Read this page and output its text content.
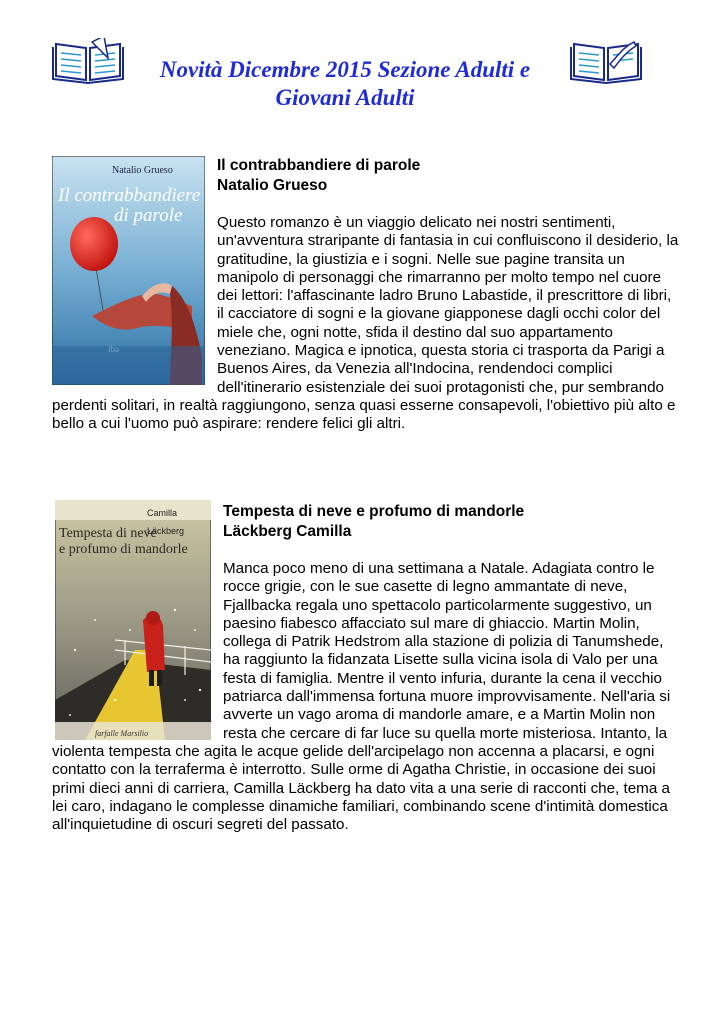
Novità Dicembre 2015 Sezione Adulti e
Giovani Adulti
iba
Natalio Grueso
Il contrabbandiere
di parole

Il contrabbandiere di parole

Natalio Grueso

Questo romanzo è un viaggio delicato nei nostri sentimenti, un'avventura straripante di fantasia in cui confluiscono il desiderio, la gratitudine, la giustizia e i sogni. Nelle sue pagine transita un manipolo di personaggi che rimarranno per molto tempo nel cuore dei lettori: l'affascinante ladro Bruno Labastide, il prescrittore di libri, il cacciatore di sogni e la giovane giapponese dagli occhi color del miele che, ogni notte, sfida il destino dal suo appartamento veneziano. Magica e ipnotica, questa storia ci trasporta da Parigi a Buenos Aires, da Venezia all'Indocina, rendendoci complici dell'itinerario esistenziale dei suoi protagonisti che, pur sembrando perdenti solitari, in realtà raggiungono, senza quasi esserne consapevoli, l'obiettivo più alto e bello a cui l'uomo può aspirare: rendere felici gli altri.

Camilla Läckberg
Tempesta di neve
e profumo di mandorle
farfalle Marsilio

Tempesta di neve e profumo di mandorle

Läckberg Camilla

Manca poco meno di una settimana a Natale. Adagiata contro le rocce grigie, con le sue casette di legno ammantate di neve, Fjallbacka regala uno spettacolo particolarmente suggestivo, un paesino fiabesco affacciato sul mare di ghiaccio. Martin Molin, collega di Patrik Hedstrom alla stazione di polizia di Tanumshede, ha raggiunto la fidanzata Lisette sulla vicina isola di Valo per una festa di famiglia. Mentre il vento infuria, durante la cena il vecchio patriarca dall'immensa fortuna muore improvvisamente. Nell'aria si avverte un vago aroma di mandorle amare, e a Martin Molin non resta che cercare di far luce su quella morte misteriosa. Intanto, la violenta tempesta che agita le acque gelide dell'arcipelago non accenna a placarsi, e ogni contatto con la terraferma è interrotto. Sulle orme di Agatha Christie, in occasione dei suoi primi dieci anni di carriera, Camilla Läckberg ha dato vita a una serie di racconti che, tema a lei caro, indagano le complesse dinamiche familiari, combinando scene d'intimità domestica all'inquietudine di oscuri segreti del passato.
